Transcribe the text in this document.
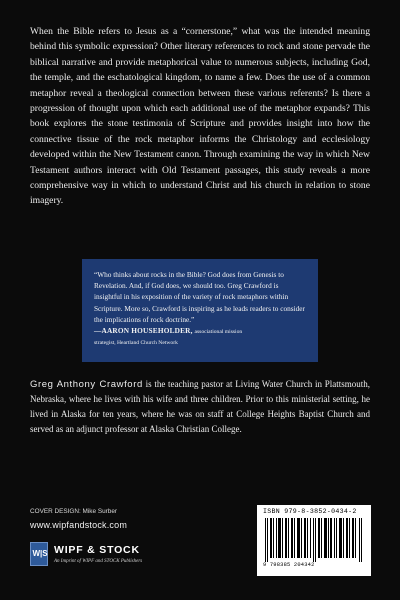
When the Bible refers to Jesus as a “cornerstone,” what was the intended meaning behind this symbolic expression? Other literary references to rock and stone pervade the biblical narrative and provide metaphorical value to numerous subjects, including God, the temple, and the eschatological kingdom, to name a few. Does the use of a common metaphor reveal a theological connection between these various referents? Is there a progression of thought upon which each additional use of the metaphor expands? This book explores the stone testimonia of Scripture and provides insight into how the connective tissue of the rock metaphor informs the Christology and ecclesiology developed within the New Testament canon. Through examining the way in which New Testament authors interact with Old Testament passages, this study reveals a more comprehensive way in which to understand Christ and his church in relation to stone imagery.
“Who thinks about rocks in the Bible? God does from Genesis to Revelation. And, if God does, we should too. Greg Crawford is insightful in his exposition of the variety of rock metaphors within Scripture. More so, Crawford is inspiring as he leads readers to consider the implications of rock doctrine.”
—AARON HOUSEHOLDER, associational mission
strategist, Heartland Church Network
Greg Anthony Crawford is the teaching pastor at Living Water Church in Plattsmouth, Nebraska, where he lives with his wife and three children. Prior to this ministerial setting, he lived in Alaska for ten years, where he was on staff at College Heights Baptist Church and served as an adjunct professor at Alaska Christian College.
COVER DESIGN: Mike Surber
www.wipfandstock.com
W|S WIPF & STOCK
An Imprint of WIPF and STOCK Publishers
ISBN 979-8-3852-0434-2
9 798385 204342
